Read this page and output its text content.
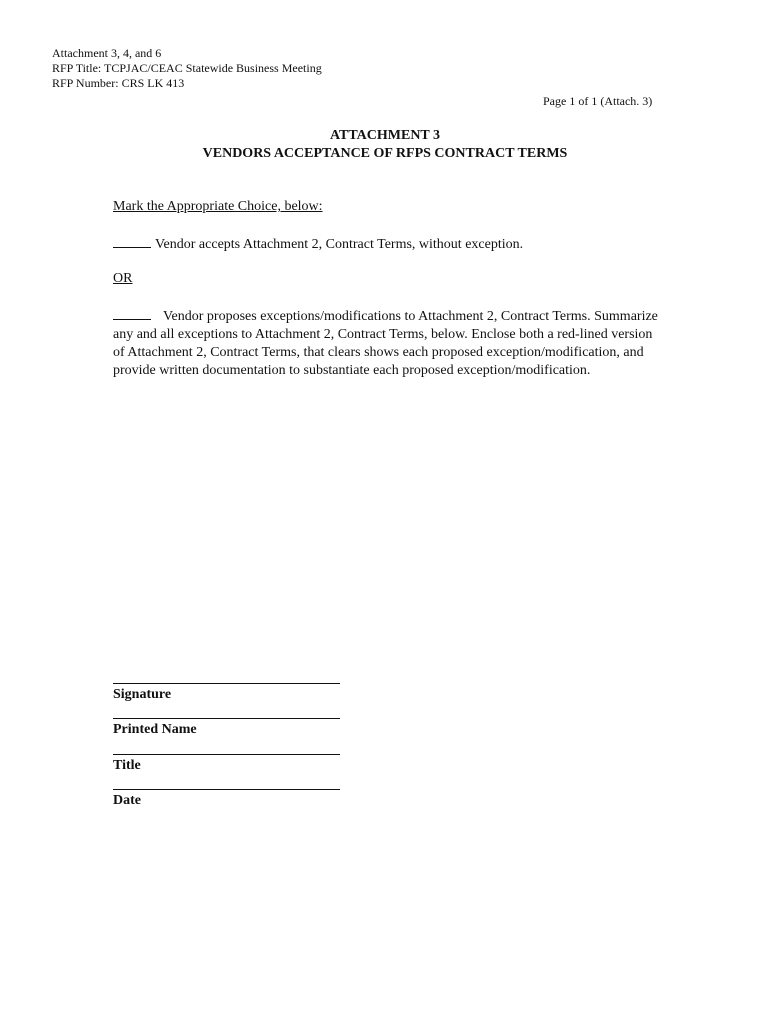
Attachment 3, 4, and 6
RFP Title: TCPJAC/CEAC Statewide Business Meeting
RFP Number: CRS LK 413
Page 1 of 1 (Attach. 3)
ATTACHMENT 3
VENDORS ACCEPTANCE OF RFPS CONTRACT TERMS
Mark the Appropriate Choice, below:
Vendor accepts Attachment 2, Contract Terms, without exception.
OR
Vendor proposes exceptions/modifications to Attachment 2, Contract Terms. Summarize any and all exceptions to Attachment 2, Contract Terms, below. Enclose both a red-lined version of Attachment 2, Contract Terms, that clears shows each proposed exception/modification, and provide written documentation to substantiate each proposed exception/modification.
Signature
Printed Name
Title
Date
